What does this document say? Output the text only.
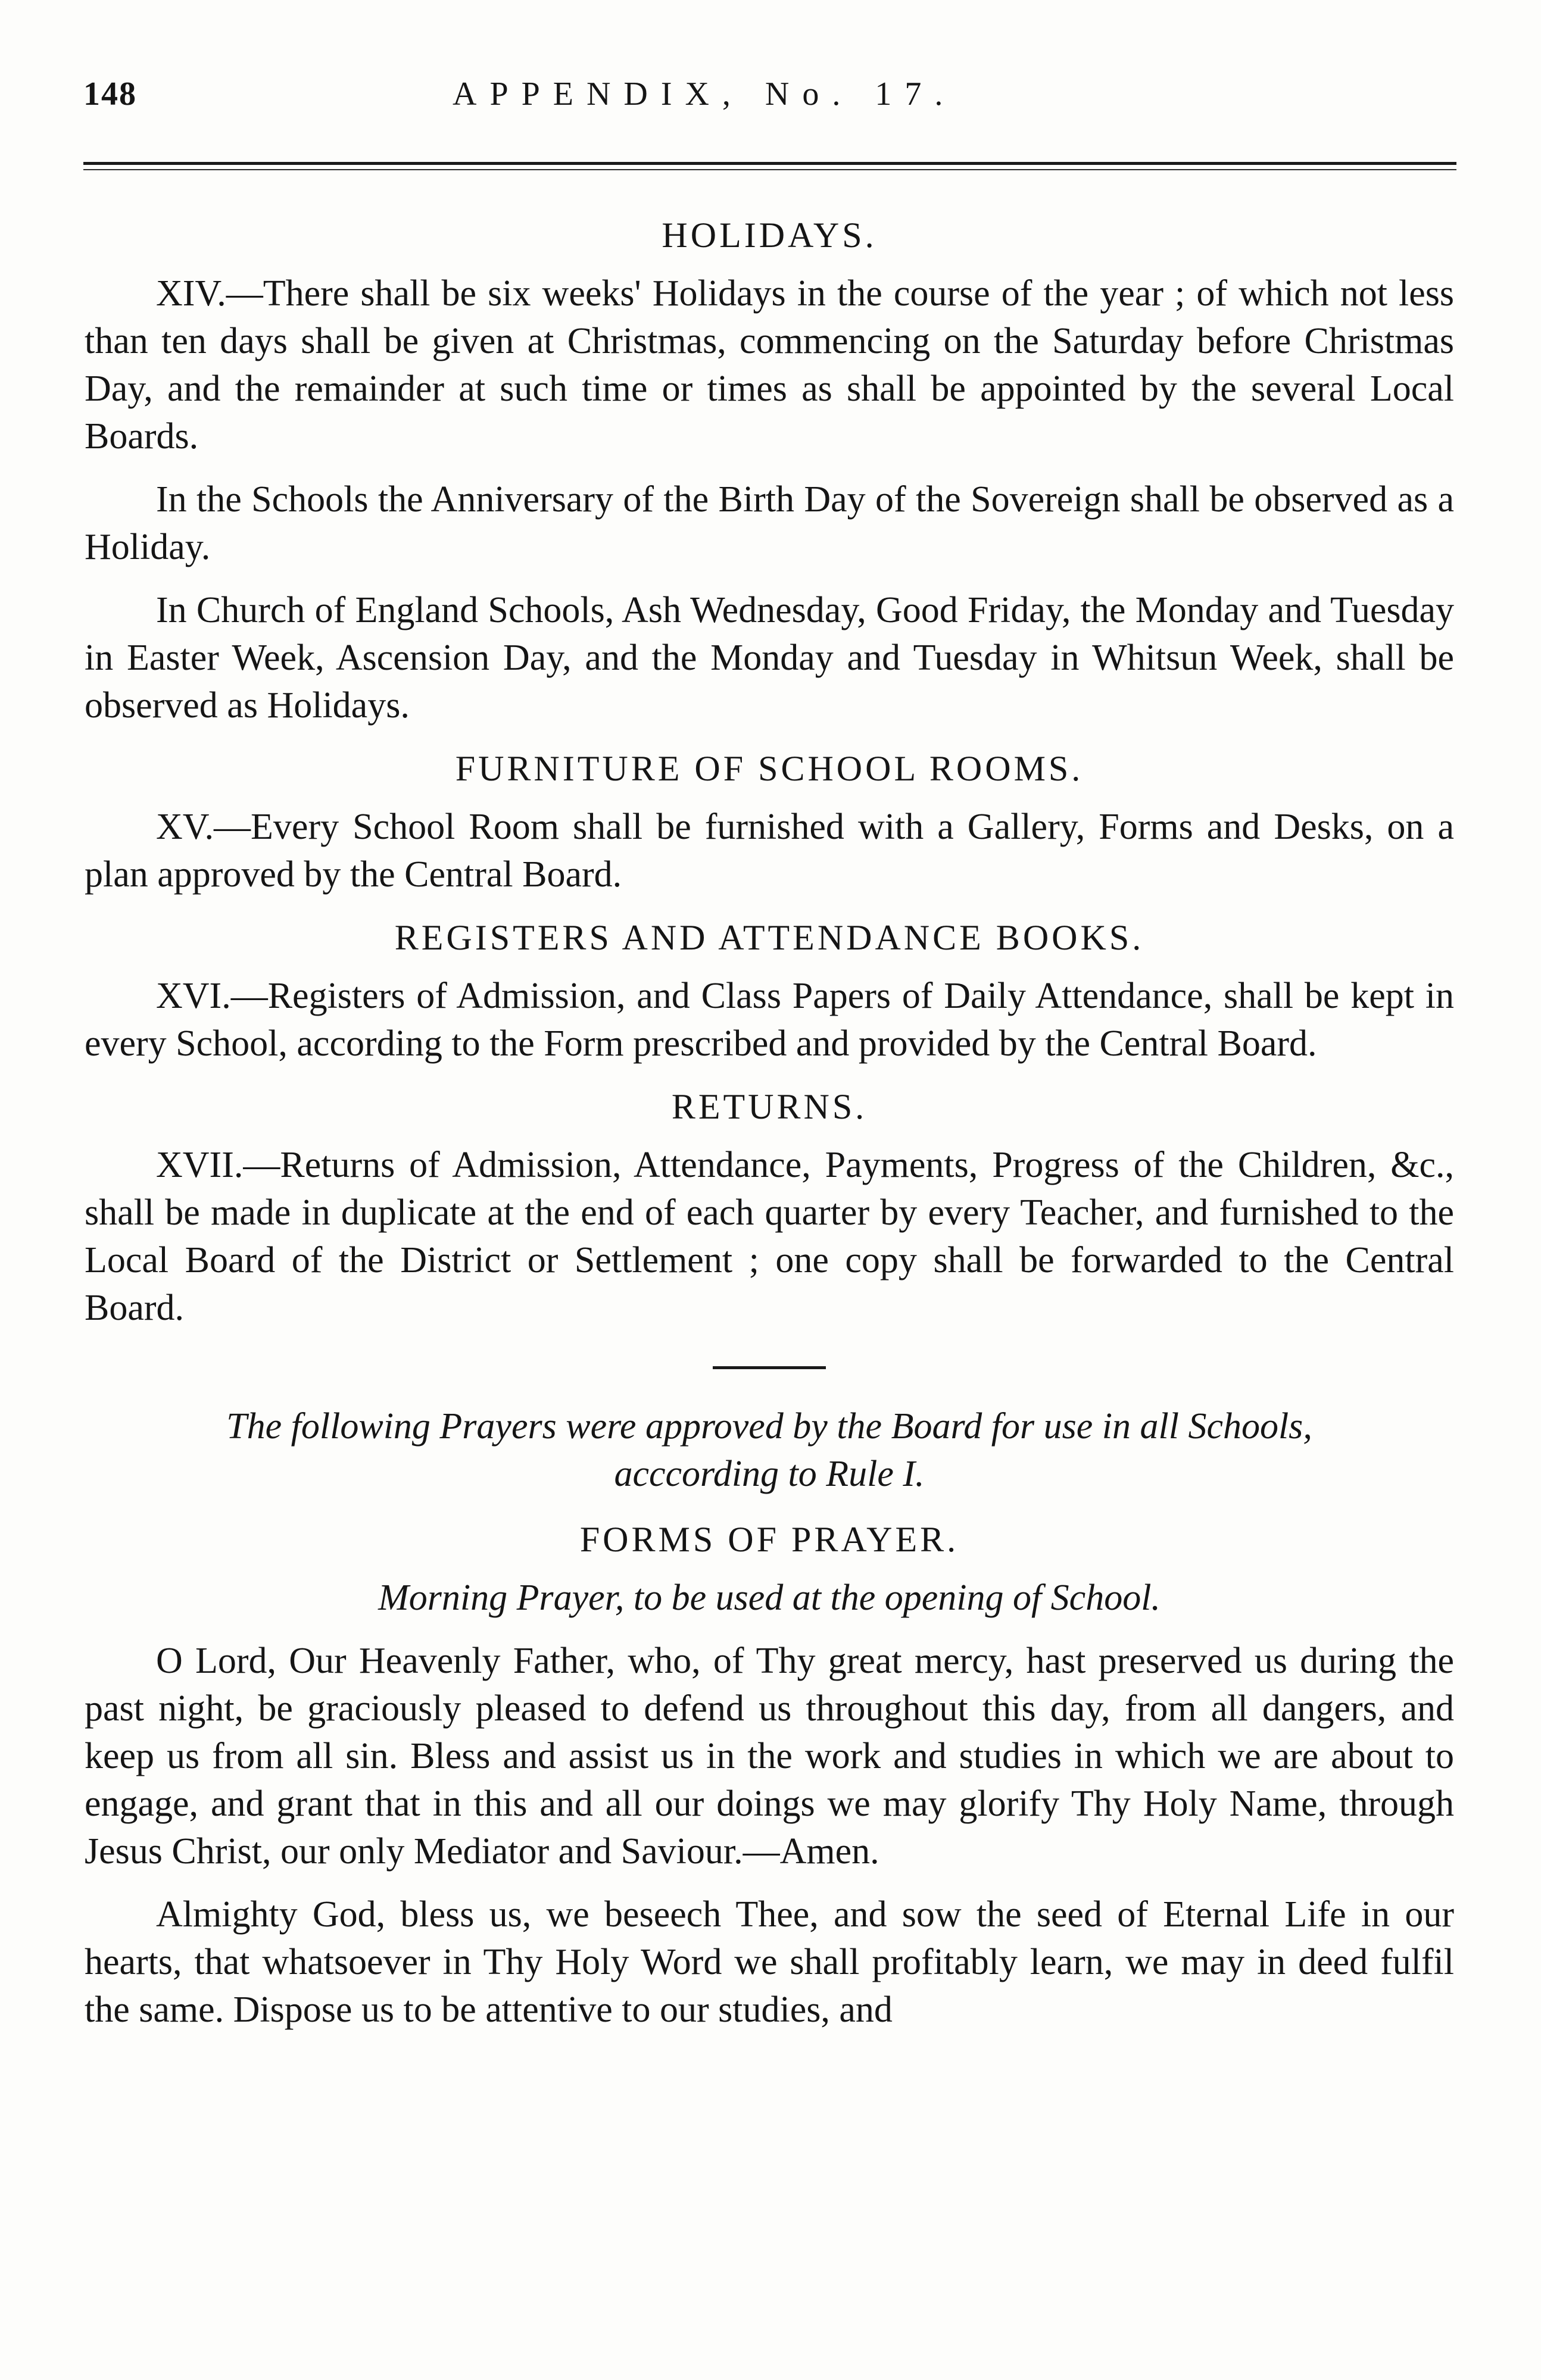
148	APPENDIX, No. 17.
HOLIDAYS.

XIV.—There shall be six weeks' Holidays in the course of the year ; of which not less than ten days shall be given at Christmas, commencing on the Saturday before Christmas Day, and the remainder at such time or times as shall be appointed by the several Local Boards.

In the Schools the Anniversary of the Birth Day of the Sovereign shall be observed as a Holiday.

In Church of England Schools, Ash Wednesday, Good Friday, the Monday and Tuesday in Easter Week, Ascension Day, and the Monday and Tuesday in Whitsun Week, shall be observed as Holidays.

FURNITURE OF SCHOOL ROOMS.

XV.—Every School Room shall be furnished with a Gallery, Forms and Desks, on a plan approved by the Central Board.

REGISTERS AND ATTENDANCE BOOKS.

XVI.—Registers of Admission, and Class Papers of Daily Attendance, shall be kept in every School, according to the Form prescribed and provided by the Central Board.

RETURNS.

XVII.—Returns of Admission, Attendance, Payments, Progress of the Children, &c., shall be made in duplicate at the end of each quarter by every Teacher, and furnished to the Local Board of the District or Settlement ; one copy shall be forwarded to the Central Board.

The following Prayers were approved by the Board for use in all Schools,
acccording to Rule I.
FORMS OF PRAYER.
Morning Prayer, to be used at the opening of School.

O Lord, Our Heavenly Father, who, of Thy great mercy, hast preserved us during the past night, be graciously pleased to defend us throughout this day, from all dangers, and keep us from all sin. Bless and assist us in the work and studies in which we are about to engage, and grant that in this and all our doings we may glorify Thy Holy Name, through Jesus Christ, our only Mediator and Saviour.—Amen.

Almighty God, bless us, we beseech Thee, and sow the seed of Eternal Life in our hearts, that whatsoever in Thy Holy Word we shall profitably learn, we may in deed fulfil the same. Dispose us to be attentive to our studies, and
